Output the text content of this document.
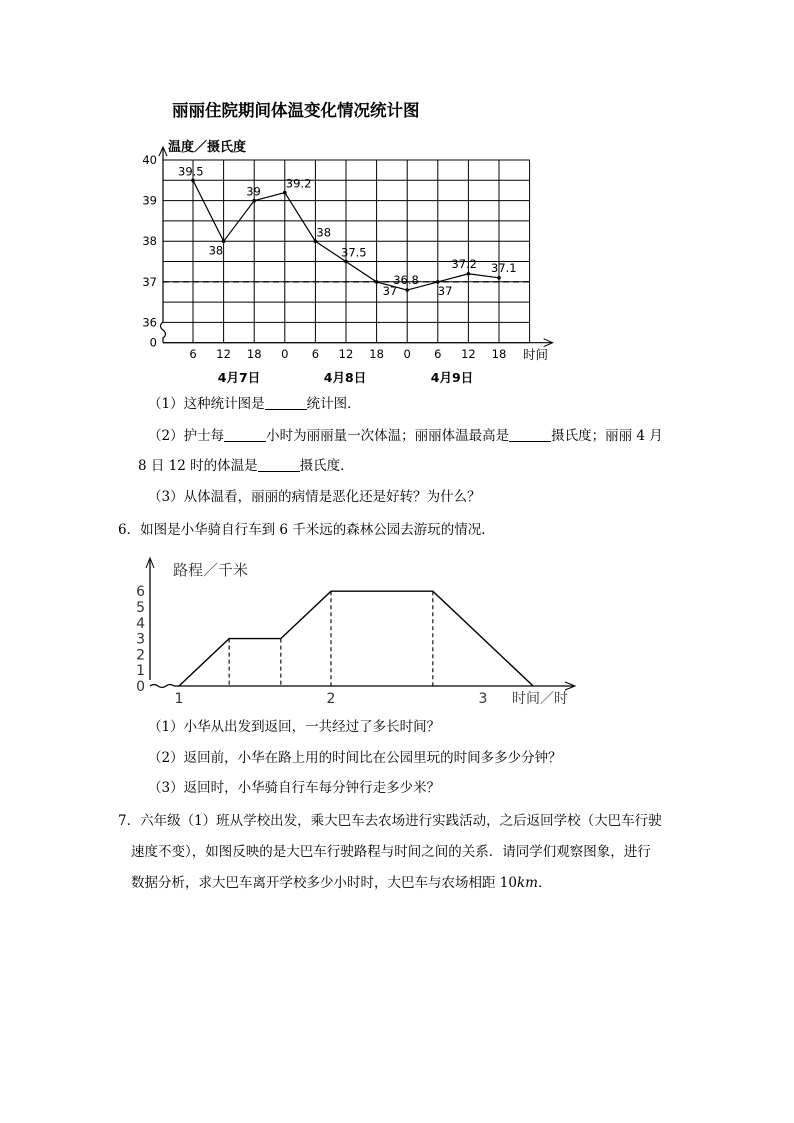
丽丽住院期间体温变化情况统计图
温度／摄氏度
时间
40
39
38
37
36
0
6 12 18 0 6 12 18 0 6 12 18
4月7日	4月8日	4月9日
39.5
38
39
39.2
38
37.5
37
36.8
37
37.2 37.1
（1）这种统计图是	统计图．
（2）护士每	小时为丽丽量一次体温；丽丽体温最高是	摄氏度；丽丽 4 月
8 日 12 时的体温是	摄氏度．
（3）从体温看，丽丽的病情是恶化还是好转？为什么？
6．如图是小华骑自行车到 6 千米远的森林公园去游玩的情况．
路程／千米
时间／时
6
5
4
3
2
1
0
1	2	3
（1）小华从出发到返回，一共经过了多长时间？
（2）返回前，小华在路上用的时间比在公园里玩的时间多多少分钟？
（3）返回时，小华骑自行车每分钟行走多少米？
7．六年级（1）班从学校出发，乘大巴车去农场进行实践活动，之后返回学校（大巴车行驶
速度不变），如图反映的是大巴车行驶路程与时间之间的关系．请同学们观察图象，进行
数据分析，求大巴车离开学校多少小时时，大巴车与农场相距 10km．
